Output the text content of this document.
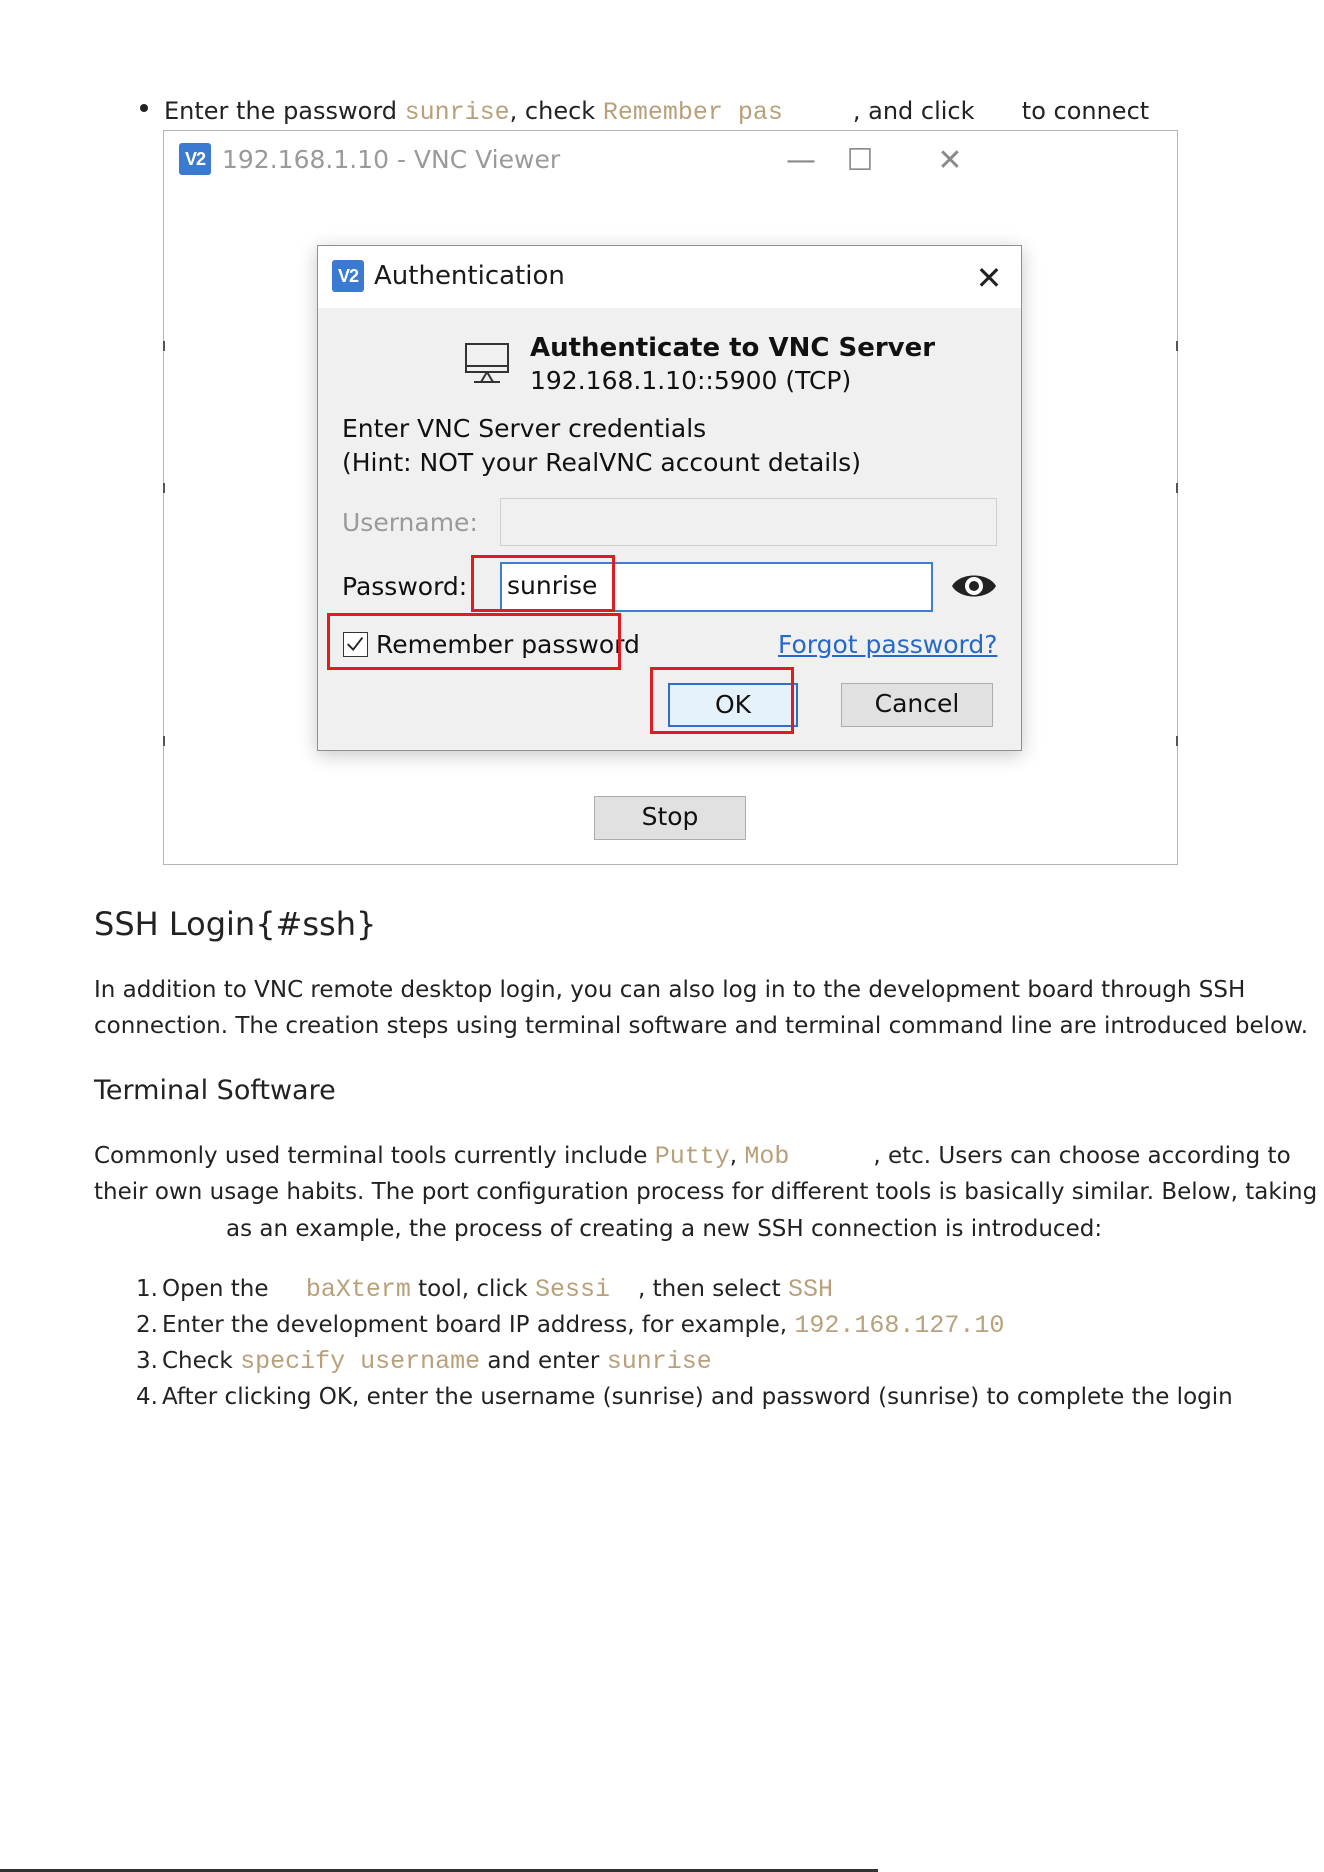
Enter the password sunrise, check Remember pas	, and click  to connect
V2 192.168.1.10 - VNC Viewer	— ☐ ✕
V2 Authentication	✕
Authenticate to VNC Server
192.168.1.10::5900 (TCP)
Enter VNC Server credentials
(Hint: NOT your RealVNC account details)
Username:
Password: sunrise
Remember password	Forgot password?
OK	Cancel
Stop
SSH Login{#ssh}
In addition to VNC remote desktop login, you can also log in to the development board through SSH
connection. The creation steps using terminal software and terminal command line are introduced below.
Terminal Software
Commonly used terminal tools currently include Putty, Mob	, etc. Users can choose according to
their own usage habits. The port configuration process for different tools is basically similar. Below, taking
as an example, the process of creating a new SSH connection is introduced:
1. Open the baXterm tool, click Sessi , then select SSH
2. Enter the development board IP address, for example, 192.168.127.10
3. Check specify username and enter sunrise
4. After clicking OK, enter the username (sunrise) and password (sunrise) to complete the login
